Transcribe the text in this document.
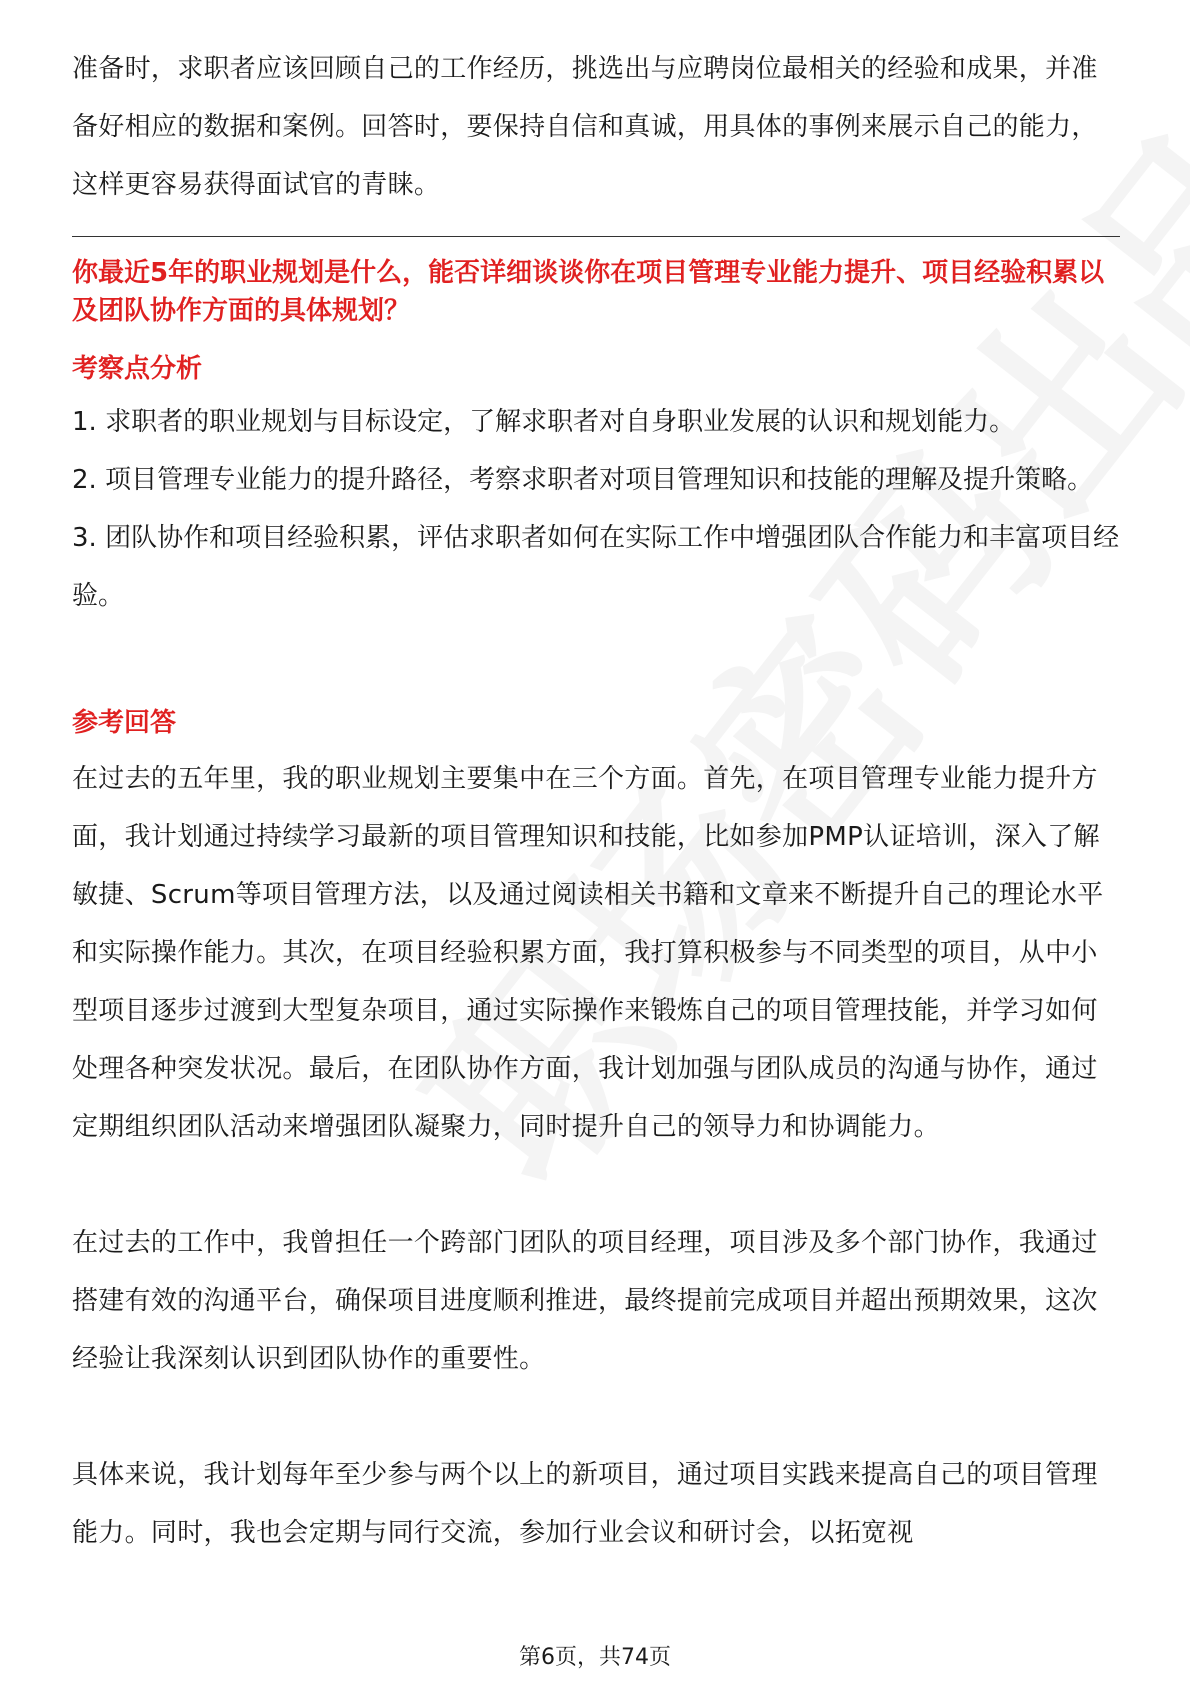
准备时，求职者应该回顾自己的工作经历，挑选出与应聘岗位最相关的经验和成果，并准备好相应的数据和案例。回答时，要保持自信和真诚，用具体的事例来展示自己的能力，这样更容易获得面试官的青睐。

你最近5年的职业规划是什么，能否详细谈谈你在项目管理专业能力提升、项目经验积累以及团队协作方面的具体规划？

考察点分析

1. 求职者的职业规划与目标设定，了解求职者对自身职业发展的认识和规划能力。

2. 项目管理专业能力的提升路径，考察求职者对项目管理知识和技能的理解及提升策略。

3. 团队协作和项目经验积累，评估求职者如何在实际工作中增强团队合作能力和丰富项目经验。

参考回答

在过去的五年里，我的职业规划主要集中在三个方面。首先，在项目管理专业能力提升方面，我计划通过持续学习最新的项目管理知识和技能，比如参加PMP认证培训，深入了解敏捷、Scrum等项目管理方法，以及通过阅读相关书籍和文章来不断提升自己的理论水平和实际操作能力。其次，在项目经验积累方面，我打算积极参与不同类型的项目，从中小型项目逐步过渡到大型复杂项目，通过实际操作来锻炼自己的项目管理技能，并学习如何处理各种突发状况。最后，在团队协作方面，我计划加强与团队成员的沟通与协作，通过定期组织团队活动来增强团队凝聚力，同时提升自己的领导力和协调能力。

在过去的工作中，我曾担任一个跨部门团队的项目经理，项目涉及多个部门协作，我通过搭建有效的沟通平台，确保项目进度顺利推进，最终提前完成项目并超出预期效果，这次经验让我深刻认识到团队协作的重要性。

具体来说，我计划每年至少参与两个以上的新项目，通过项目实践来提高自己的项目管理能力。同时，我也会定期与同行交流，参加行业会议和研讨会，以拓宽视

第6页，共74页
